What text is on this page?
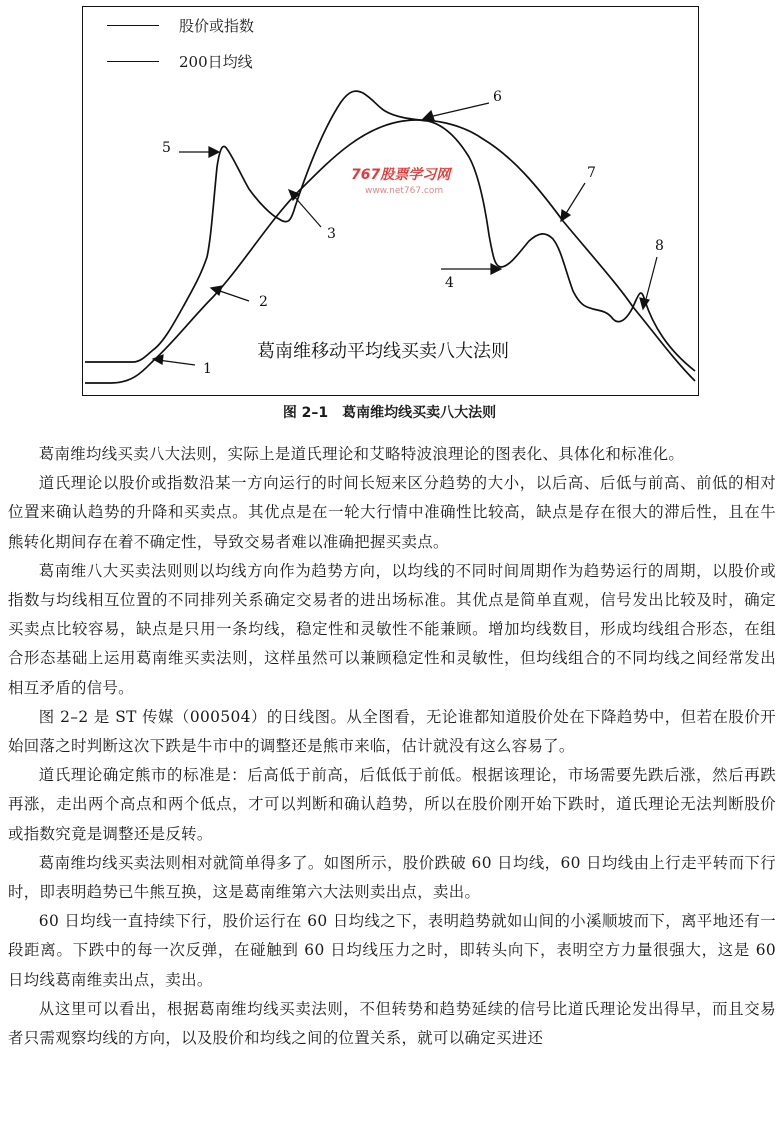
股价或指数
200日均线
767股票学习网
www.net767.com
1
2
3
4
5
6
7
8
葛南维移动平均线买卖八大法则
图 2–1　葛南维均线买卖八大法则

葛南维均线买卖八大法则，实际上是道氏理论和艾略特波浪理论的图表化、具体化和标准化。

道氏理论以股价或指数沿某一方向运行的时间长短来区分趋势的大小，以后高、后低与前高、前低的相对位置来确认趋势的升降和买卖点。其优点是在一轮大行情中准确性比较高，缺点是存在很大的滞后性，且在牛熊转化期间存在着不确定性，导致交易者难以准确把握买卖点。

葛南维八大买卖法则则以均线方向作为趋势方向，以均线的不同时间周期作为趋势运行的周期，以股价或指数与均线相互位置的不同排列关系确定交易者的进出场标准。其优点是简单直观，信号发出比较及时，确定买卖点比较容易，缺点是只用一条均线，稳定性和灵敏性不能兼顾。增加均线数目，形成均线组合形态，在组合形态基础上运用葛南维买卖法则，这样虽然可以兼顾稳定性和灵敏性，但均线组合的不同均线之间经常发出相互矛盾的信号。

图 2–2 是 ST 传媒（000504）的日线图。从全图看，无论谁都知道股价处在下降趋势中，但若在股价开始回落之时判断这次下跌是牛市中的调整还是熊市来临，估计就没有这么容易了。

道氏理论确定熊市的标准是：后高低于前高，后低低于前低。根据该理论，市场需要先跌后涨，然后再跌再涨，走出两个高点和两个低点，才可以判断和确认趋势，所以在股价刚开始下跌时，道氏理论无法判断股价或指数究竟是调整还是反转。

葛南维均线买卖法则相对就简单得多了。如图所示，股价跌破 60 日均线，60 日均线由上行走平转而下行时，即表明趋势已牛熊互换，这是葛南维第六大法则卖出点，卖出。

60 日均线一直持续下行，股价运行在 60 日均线之下，表明趋势就如山间的小溪顺坡而下，离平地还有一段距离。下跌中的每一次反弹，在碰触到 60 日均线压力之时，即转头向下，表明空方力量很强大，这是 60 日均线葛南维卖出点，卖出。

从这里可以看出，根据葛南维均线买卖法则，不但转势和趋势延续的信号比道氏理论发出得早，而且交易者只需观察均线的方向，以及股价和均线之间的位置关系，就可以确定买进还
